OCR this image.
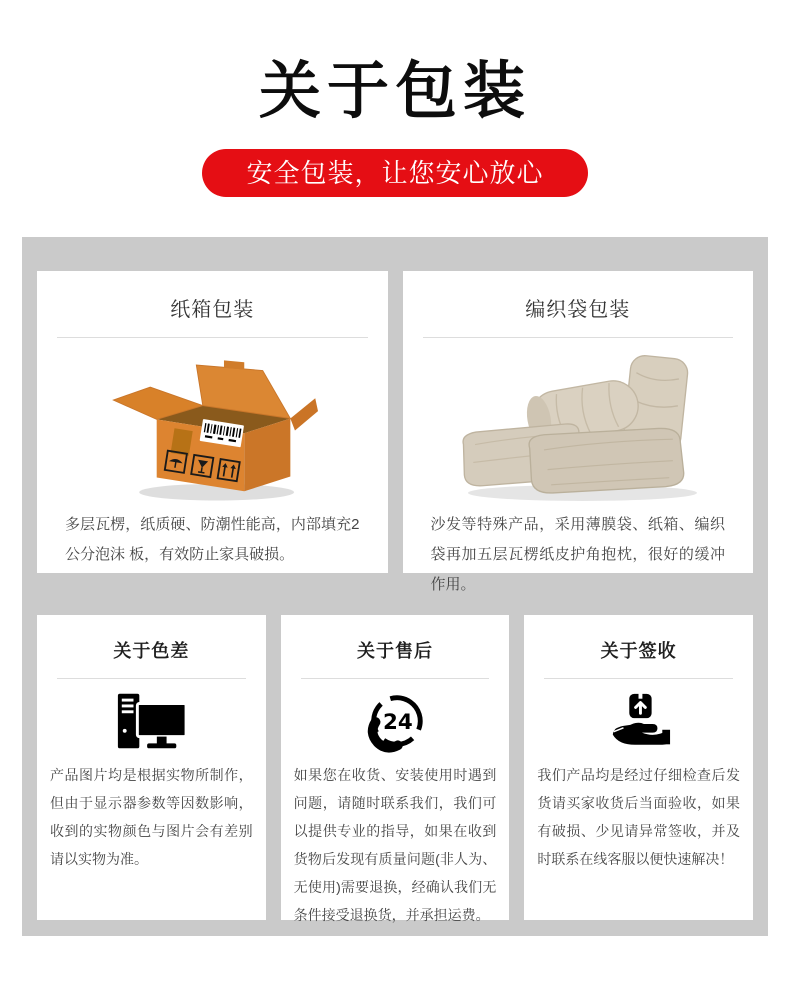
关于包装
安全包装，让您安心放心
纸箱包装

多层瓦楞，纸质硬、防潮性能高，内部填充2公分泡沫 板，有效防止家具破损。

编织袋包装

沙发等特殊产品，采用薄膜袋、纸箱、编织袋再加五层瓦楞纸皮护角抱枕，很好的缓冲作用。

关于色差

产品图片均是根据实物所制作，但由于显示器参数等因数影响，收到的实物颜色与图片会有差别请以实物为准。

关于售后
24

如果您在收货、安装使用时遇到问题，请随时联系我们，我们可以提供专业的指导，如果在收到货物后发现有质量问题(非人为、无使用)需要退换，经确认我们无条件接受退换货，并承担运费。

关于签收

我们产品均是经过仔细检查后发货请买家收货后当面验收，如果有破损、少见请异常签收，并及时联系在线客服以便快速解决！
